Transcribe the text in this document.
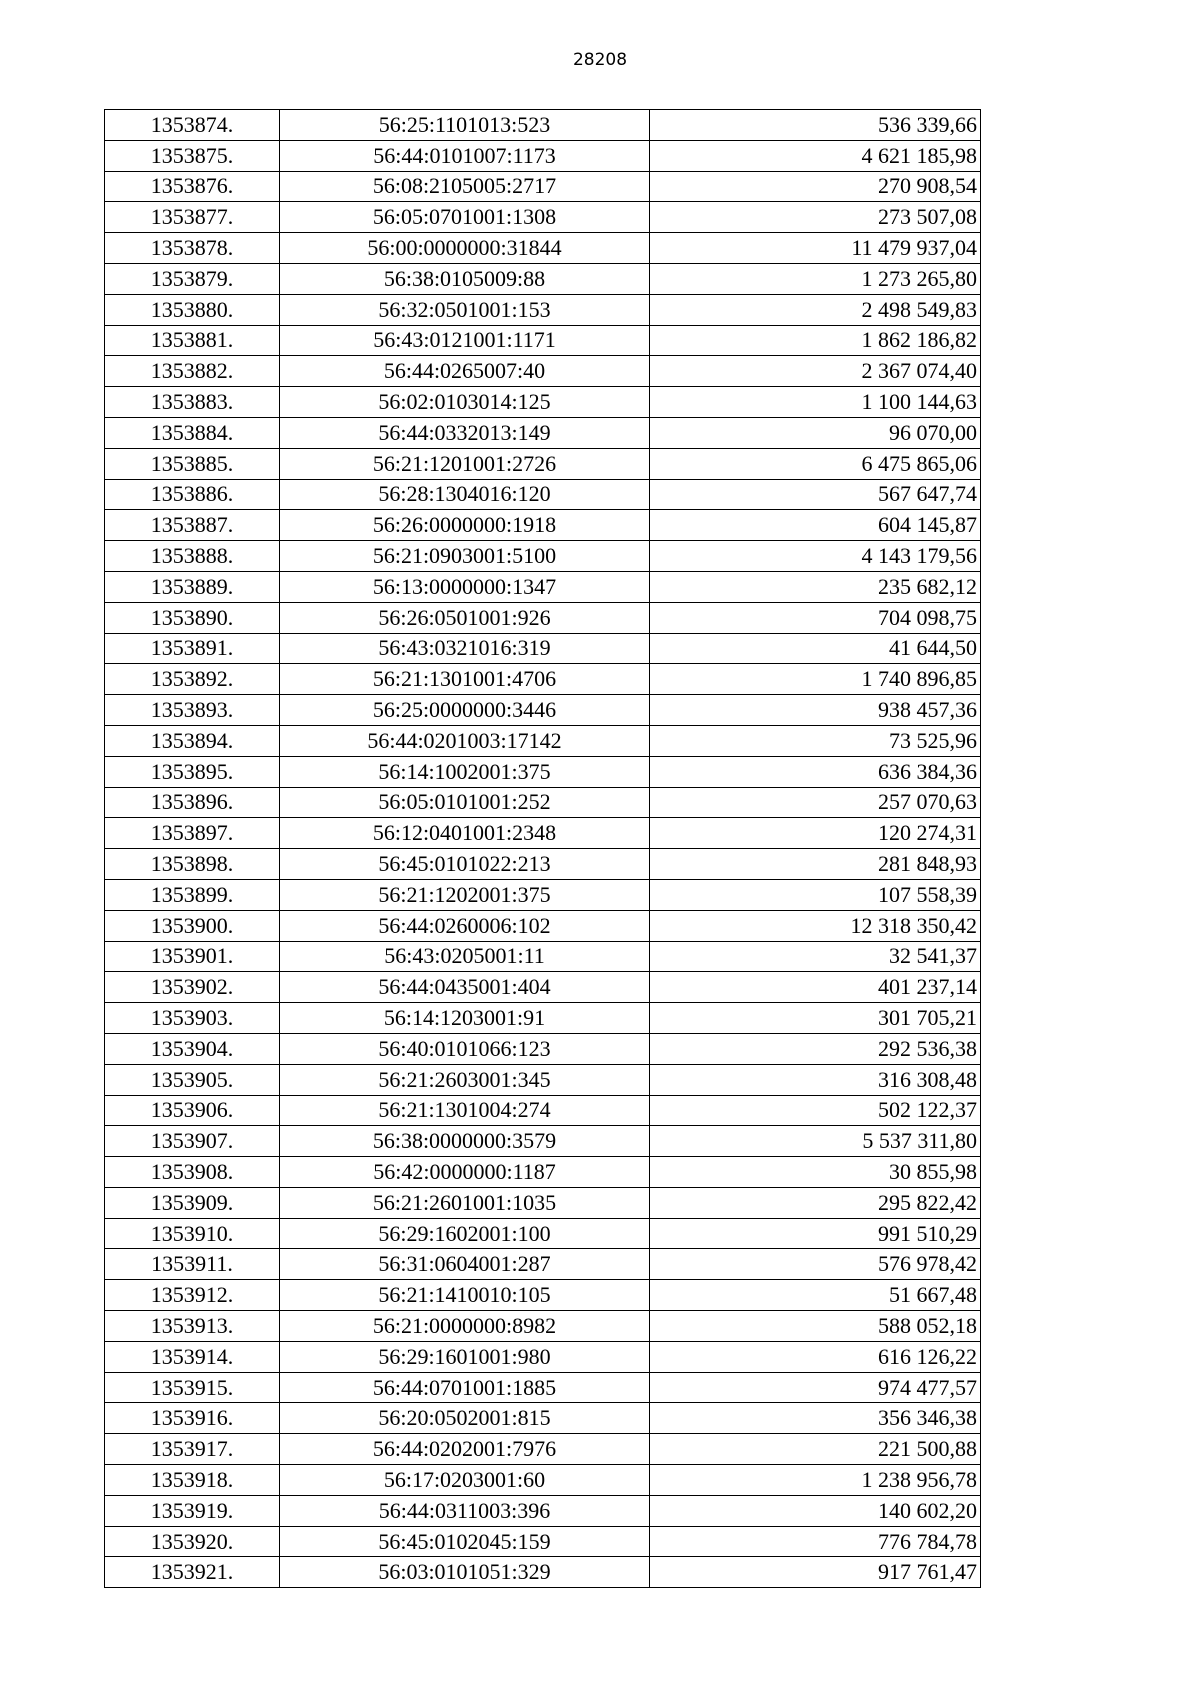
28208
1353874.	56:25:1101013:523	536 339,66
1353875.	56:44:0101007:1173	4 621 185,98
1353876.	56:08:2105005:2717	270 908,54
1353877.	56:05:0701001:1308	273 507,08
1353878.	56:00:0000000:31844	11 479 937,04
1353879.	56:38:0105009:88	1 273 265,80
1353880.	56:32:0501001:153	2 498 549,83
1353881.	56:43:0121001:1171	1 862 186,82
1353882.	56:44:0265007:40	2 367 074,40
1353883.	56:02:0103014:125	1 100 144,63
1353884.	56:44:0332013:149	96 070,00
1353885.	56:21:1201001:2726	6 475 865,06
1353886.	56:28:1304016:120	567 647,74
1353887.	56:26:0000000:1918	604 145,87
1353888.	56:21:0903001:5100	4 143 179,56
1353889.	56:13:0000000:1347	235 682,12
1353890.	56:26:0501001:926	704 098,75
1353891.	56:43:0321016:319	41 644,50
1353892.	56:21:1301001:4706	1 740 896,85
1353893.	56:25:0000000:3446	938 457,36
1353894.	56:44:0201003:17142	73 525,96
1353895.	56:14:1002001:375	636 384,36
1353896.	56:05:0101001:252	257 070,63
1353897.	56:12:0401001:2348	120 274,31
1353898.	56:45:0101022:213	281 848,93
1353899.	56:21:1202001:375	107 558,39
1353900.	56:44:0260006:102	12 318 350,42
1353901.	56:43:0205001:11	32 541,37
1353902.	56:44:0435001:404	401 237,14
1353903.	56:14:1203001:91	301 705,21
1353904.	56:40:0101066:123	292 536,38
1353905.	56:21:2603001:345	316 308,48
1353906.	56:21:1301004:274	502 122,37
1353907.	56:38:0000000:3579	5 537 311,80
1353908.	56:42:0000000:1187	30 855,98
1353909.	56:21:2601001:1035	295 822,42
1353910.	56:29:1602001:100	991 510,29
1353911.	56:31:0604001:287	576 978,42
1353912.	56:21:1410010:105	51 667,48
1353913.	56:21:0000000:8982	588 052,18
1353914.	56:29:1601001:980	616 126,22
1353915.	56:44:0701001:1885	974 477,57
1353916.	56:20:0502001:815	356 346,38
1353917.	56:44:0202001:7976	221 500,88
1353918.	56:17:0203001:60	1 238 956,78
1353919.	56:44:0311003:396	140 602,20
1353920.	56:45:0102045:159	776 784,78
1353921.	56:03:0101051:329	917 761,47
